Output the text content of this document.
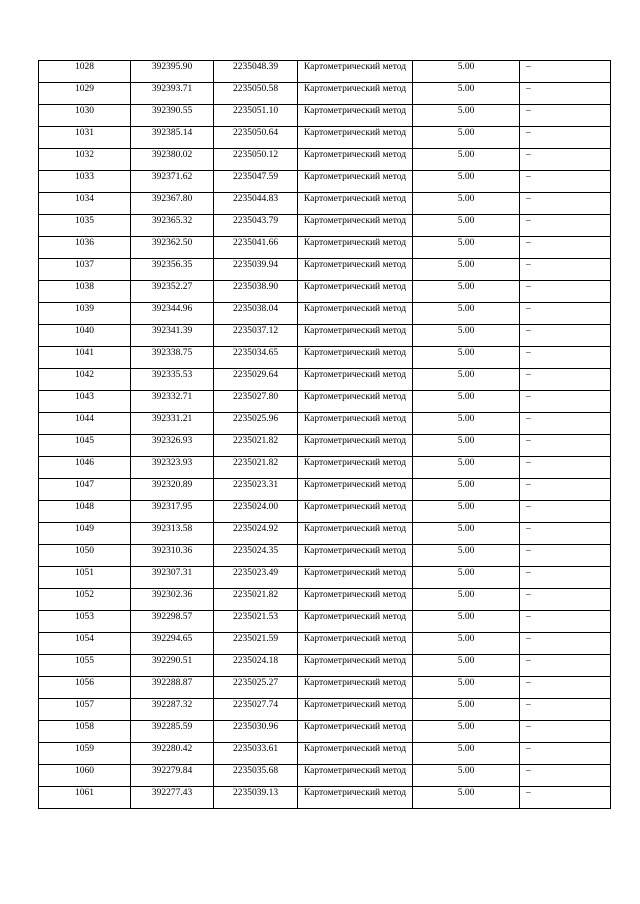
1028	392395.90	2235048.39	Картометрический метод	5.00	–
1029	392393.71	2235050.58	Картометрический метод	5.00	–
1030	392390.55	2235051.10	Картометрический метод	5.00	–
1031	392385.14	2235050.64	Картометрический метод	5.00	–
1032	392380.02	2235050.12	Картометрический метод	5.00	–
1033	392371.62	2235047.59	Картометрический метод	5.00	–
1034	392367.80	2235044.83	Картометрический метод	5.00	–
1035	392365.32	2235043.79	Картометрический метод	5.00	–
1036	392362.50	2235041.66	Картометрический метод	5.00	–
1037	392356.35	2235039.94	Картометрический метод	5.00	–
1038	392352.27	2235038.90	Картометрический метод	5.00	–
1039	392344.96	2235038.04	Картометрический метод	5.00	–
1040	392341.39	2235037.12	Картометрический метод	5.00	–
1041	392338.75	2235034.65	Картометрический метод	5.00	–
1042	392335.53	2235029.64	Картометрический метод	5.00	–
1043	392332.71	2235027.80	Картометрический метод	5.00	–
1044	392331.21	2235025.96	Картометрический метод	5.00	–
1045	392326.93	2235021.82	Картометрический метод	5.00	–
1046	392323.93	2235021.82	Картометрический метод	5.00	–
1047	392320.89	2235023.31	Картометрический метод	5.00	–
1048	392317.95	2235024.00	Картометрический метод	5.00	–
1049	392313.58	2235024.92	Картометрический метод	5.00	–
1050	392310.36	2235024.35	Картометрический метод	5.00	–
1051	392307.31	2235023.49	Картометрический метод	5.00	–
1052	392302.36	2235021.82	Картометрический метод	5.00	–
1053	392298.57	2235021.53	Картометрический метод	5.00	–
1054	392294.65	2235021.59	Картометрический метод	5.00	–
1055	392290.51	2235024.18	Картометрический метод	5.00	–
1056	392288.87	2235025.27	Картометрический метод	5.00	–
1057	392287.32	2235027.74	Картометрический метод	5.00	–
1058	392285.59	2235030.96	Картометрический метод	5.00	–
1059	392280.42	2235033.61	Картометрический метод	5.00	–
1060	392279.84	2235035.68	Картометрический метод	5.00	–
1061	392277.43	2235039.13	Картометрический метод	5.00	–
